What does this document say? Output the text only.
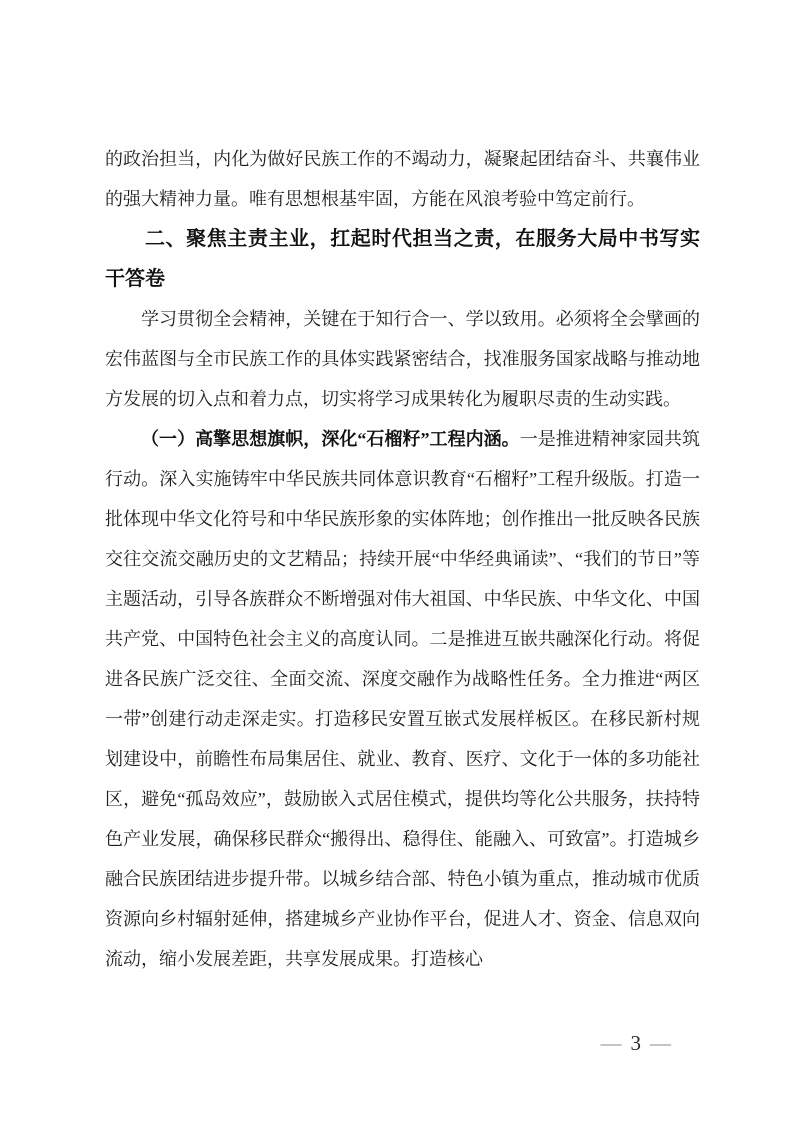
的政治担当，内化为做好民族工作的不竭动力，凝聚起团结奋斗、共襄伟业的强大精神力量。唯有思想根基牢固，方能在风浪考验中笃定前行。

二、聚焦主责主业，扛起时代担当之责，在服务大局中书写实干答卷

学习贯彻全会精神，关键在于知行合一、学以致用。必须将全会擘画的宏伟蓝图与全市民族工作的具体实践紧密结合，找准服务国家战略与推动地方发展的切入点和着力点，切实将学习成果转化为履职尽责的生动实践。

（一）高擎思想旗帜，深化“石榴籽”工程内涵。一是推进精神家园共筑行动。深入实施铸牢中华民族共同体意识教育“石榴籽”工程升级版。打造一批体现中华文化符号和中华民族形象的实体阵地；创作推出一批反映各民族交往交流交融历史的文艺精品；持续开展“中华经典诵读”、“我们的节日”等主题活动，引导各族群众不断增强对伟大祖国、中华民族、中华文化、中国共产党、中国特色社会主义的高度认同。二是推进互嵌共融深化行动。将促进各民族广泛交往、全面交流、深度交融作为战略性任务。全力推进“两区一带”创建行动走深走实。打造移民安置互嵌式发展样板区。在移民新村规划建设中，前瞻性布局集居住、就业、教育、医疗、文化于一体的多功能社区，避免“孤岛效应”，鼓励嵌入式居住模式，提供均等化公共服务，扶持特色产业发展，确保移民群众“搬得出、稳得住、能融入、可致富”。打造城乡融合民族团结进步提升带。以城乡结合部、特色小镇为重点，推动城市优质资源向乡村辐射延伸，搭建城乡产业协作平台，促进人才、资金、信息双向流动，缩小发展差距，共享发展成果。打造核心

— 3 —
